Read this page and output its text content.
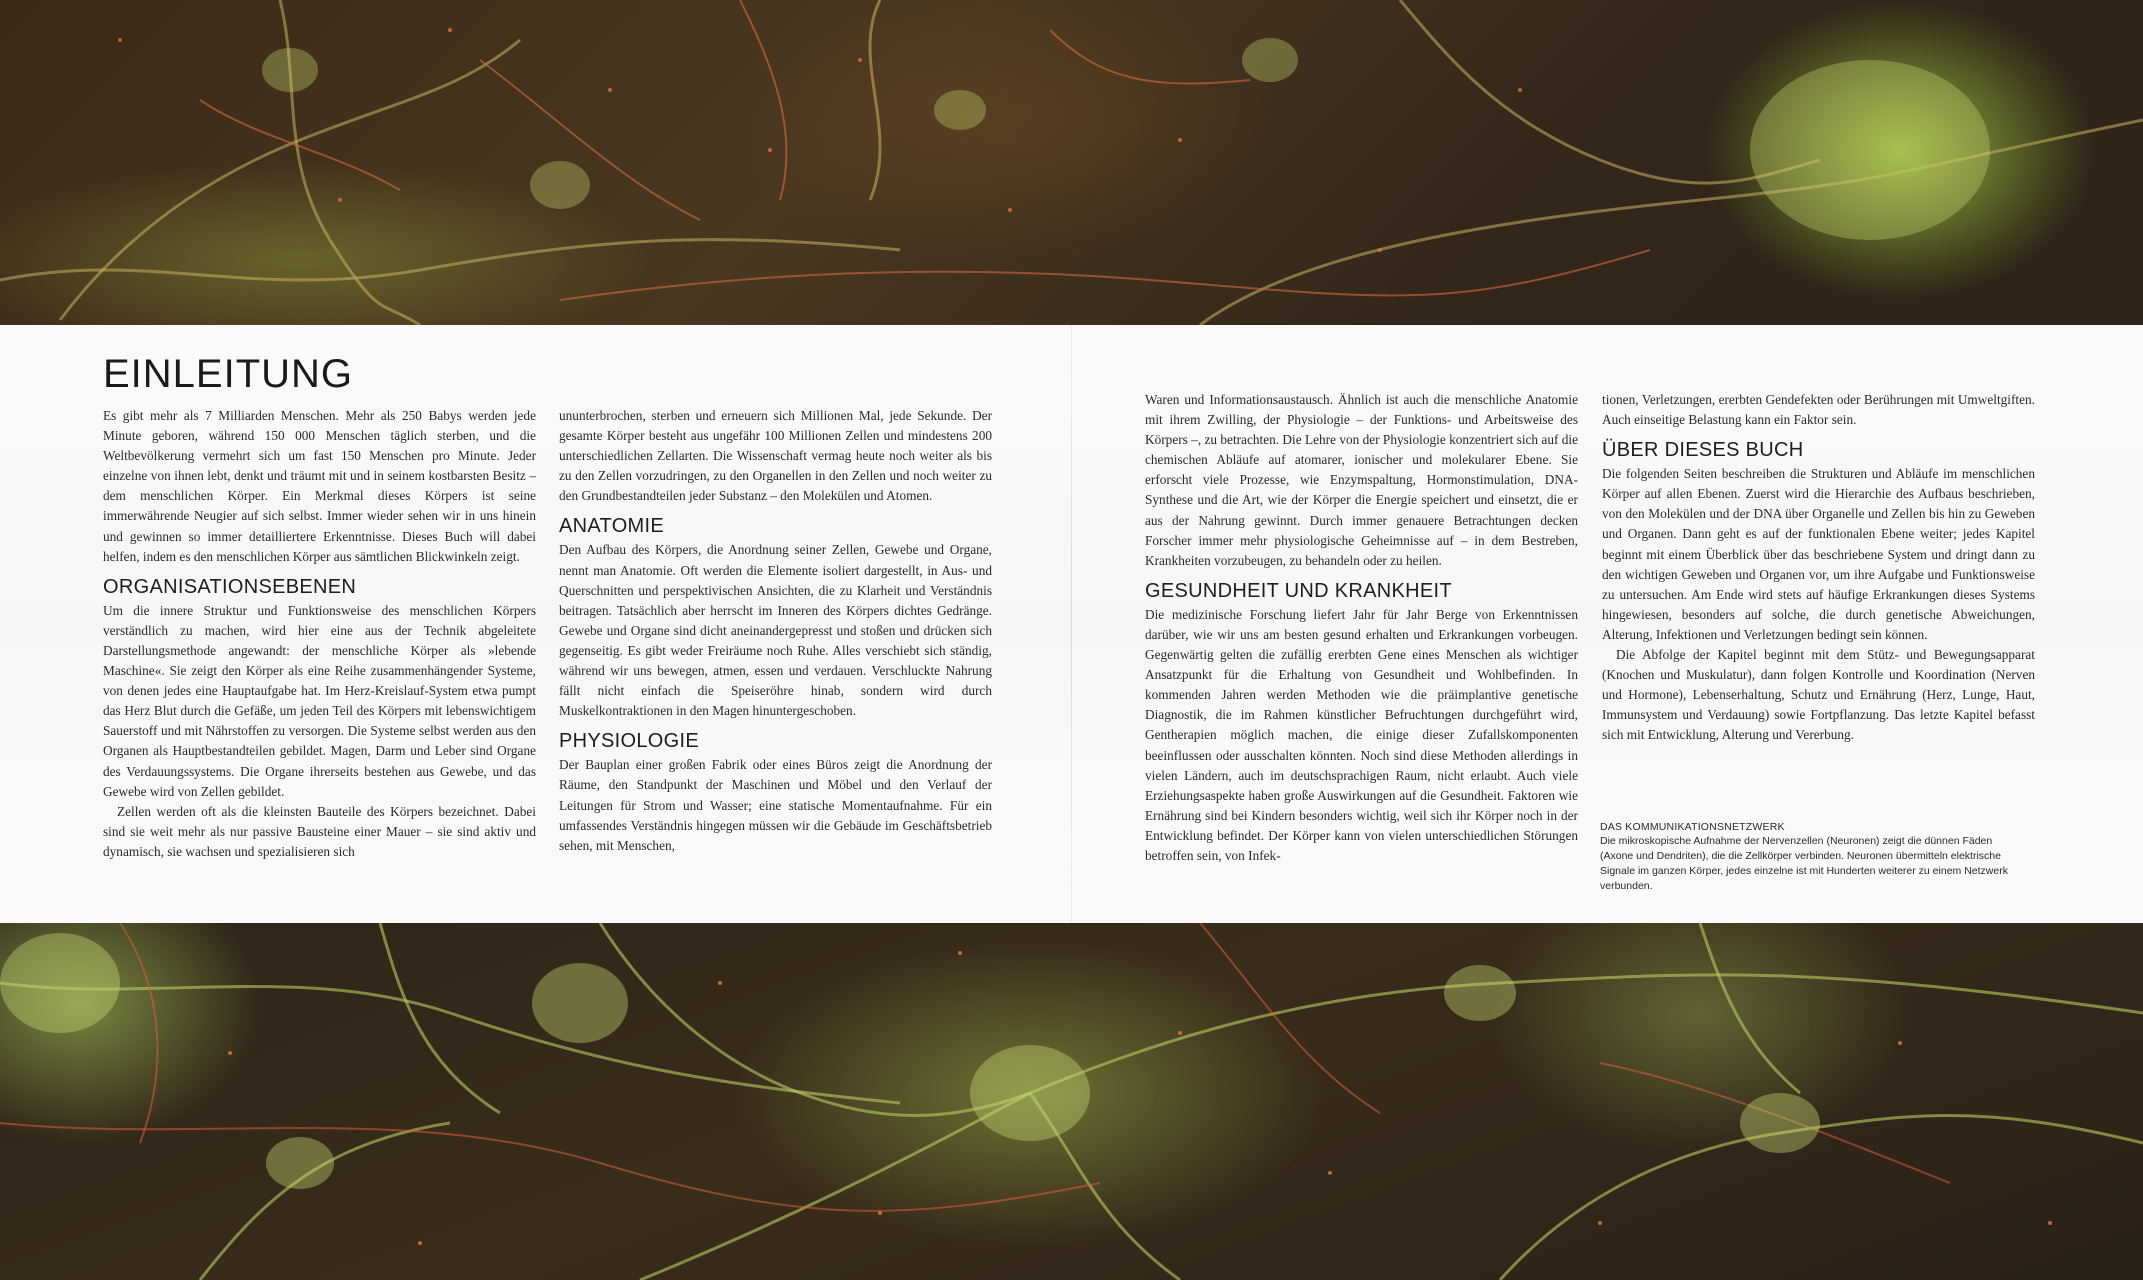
EINLEITUNG

Es gibt mehr als 7 Milliarden Menschen. Mehr als 250 Babys werden jede Minute geboren, während 150 000 Menschen täglich sterben, und die Weltbevölkerung vermehrt sich um fast 150 Menschen pro Minute. Jeder einzelne von ihnen lebt, denkt und träumt mit und in seinem kostbarsten Besitz – dem menschlichen Körper. Ein Merkmal dieses Körpers ist seine immerwährende Neugier auf sich selbst. Immer wieder sehen wir in uns hinein und gewinnen so immer detailliertere Erkenntnisse. Dieses Buch will dabei helfen, indem es den menschlichen Körper aus sämtlichen Blickwinkeln zeigt.

ORGANISATIONSEBENEN

Um die innere Struktur und Funktionsweise des menschlichen Körpers verständlich zu machen, wird hier eine aus der Technik abgeleitete Darstellungsmethode angewandt: der menschliche Körper als »lebende Maschine«. Sie zeigt den Körper als eine Reihe zusammenhängender Systeme, von denen jedes eine Hauptaufgabe hat. Im Herz-Kreislauf-System etwa pumpt das Herz Blut durch die Gefäße, um jeden Teil des Körpers mit lebenswichtigem Sauerstoff und mit Nährstoffen zu versorgen. Die Systeme selbst werden aus den Organen als Hauptbestandteilen gebildet. Magen, Darm und Leber sind Organe des Verdauungssystems. Die Organe ihrerseits bestehen aus Gewebe, und das Gewebe wird von Zellen gebildet.

Zellen werden oft als die kleinsten Bauteile des Körpers bezeichnet. Dabei sind sie weit mehr als nur passive Bausteine einer Mauer – sie sind aktiv und dynamisch, sie wachsen und spezialisieren sich

ununterbrochen, sterben und erneuern sich Millionen Mal, jede Sekunde. Der gesamte Körper besteht aus ungefähr 100 Millionen Zellen und mindestens 200 unterschiedlichen Zellarten. Die Wissenschaft vermag heute noch weiter als bis zu den Zellen vorzudringen, zu den Organellen in den Zellen und noch weiter zu den Grundbestandteilen jeder Substanz – den Molekülen und Atomen.

ANATOMIE

Den Aufbau des Körpers, die Anordnung seiner Zellen, Gewebe und Organe, nennt man Anatomie. Oft werden die Elemente isoliert dargestellt, in Aus- und Querschnitten und perspektivischen Ansichten, die zu Klarheit und Verständnis beitragen. Tatsächlich aber herrscht im Inneren des Körpers dichtes Gedränge. Gewebe und Organe sind dicht aneinandergepresst und stoßen und drücken sich gegenseitig. Es gibt weder Freiräume noch Ruhe. Alles verschiebt sich ständig, während wir uns bewegen, atmen, essen und verdauen. Verschluckte Nahrung fällt nicht einfach die Speiseröhre hinab, sondern wird durch Muskelkontraktionen in den Magen hinuntergeschoben.

PHYSIOLOGIE

Der Bauplan einer großen Fabrik oder eines Büros zeigt die Anordnung der Räume, den Standpunkt der Maschinen und Möbel und den Verlauf der Leitungen für Strom und Wasser; eine statische Momentaufnahme. Für ein umfassendes Verständnis hingegen müssen wir die Gebäude im Geschäftsbetrieb sehen, mit Menschen,

Waren und Informationsaustausch. Ähnlich ist auch die menschliche Anatomie mit ihrem Zwilling, der Physiologie – der Funktions- und Arbeitsweise des Körpers –, zu betrachten. Die Lehre von der Physiologie konzentriert sich auf die chemischen Abläufe auf atomarer, ionischer und molekularer Ebene. Sie erforscht viele Prozesse, wie Enzymspaltung, Hormonstimulation, DNA-Synthese und die Art, wie der Körper die Energie speichert und einsetzt, die er aus der Nahrung gewinnt. Durch immer genauere Betrachtungen decken Forscher immer mehr physiologische Geheimnisse auf – in dem Bestreben, Krankheiten vorzubeugen, zu behandeln oder zu heilen.

GESUNDHEIT UND KRANKHEIT

Die medizinische Forschung liefert Jahr für Jahr Berge von Erkenntnissen darüber, wie wir uns am besten gesund erhalten und Erkrankungen vorbeugen. Gegenwärtig gelten die zufällig ererbten Gene eines Menschen als wichtiger Ansatzpunkt für die Erhaltung von Gesundheit und Wohlbefinden. In kommenden Jahren werden Methoden wie die präimplantive genetische Diagnostik, die im Rahmen künstlicher Befruchtungen durchgeführt wird, Gentherapien möglich machen, die einige dieser Zufallskomponenten beeinflussen oder ausschalten könnten. Noch sind diese Methoden allerdings in vielen Ländern, auch im deutschsprachigen Raum, nicht erlaubt. Auch viele Erziehungsaspekte haben große Auswirkungen auf die Gesundheit. Faktoren wie Ernährung sind bei Kindern besonders wichtig, weil sich ihr Körper noch in der Entwicklung befindet. Der Körper kann von vielen unterschiedlichen Störungen betroffen sein, von Infek-

tionen, Verletzungen, ererbten Gendefekten oder Berührungen mit Umweltgiften. Auch einseitige Belastung kann ein Faktor sein.

ÜBER DIESES BUCH

Die folgenden Seiten beschreiben die Strukturen und Abläufe im menschlichen Körper auf allen Ebenen. Zuerst wird die Hierarchie des Aufbaus beschrieben, von den Molekülen und der DNA über Organelle und Zellen bis hin zu Geweben und Organen. Dann geht es auf der funktionalen Ebene weiter; jedes Kapitel beginnt mit einem Überblick über das beschriebene System und dringt dann zu den wichtigen Geweben und Organen vor, um ihre Aufgabe und Funktionsweise zu untersuchen. Am Ende wird stets auf häufige Erkrankungen dieses Systems hingewiesen, besonders auf solche, die durch genetische Abweichungen, Alterung, Infektionen und Verletzungen bedingt sein können.

Die Abfolge der Kapitel beginnt mit dem Stütz- und Bewegungsapparat (Knochen und Muskulatur), dann folgen Kontrolle und Koordination (Nerven und Hormone), Lebenserhaltung, Schutz und Ernährung (Herz, Lunge, Haut, Immunsystem und Verdauung) sowie Fortpflanzung. Das letzte Kapitel befasst sich mit Entwicklung, Alterung und Vererbung.

DAS KOMMUNIKATIONSNETZWERK
Die mikroskopische Aufnahme der Nervenzellen (Neuronen) zeigt die dünnen Fäden (Axone und Dendriten), die die Zellkörper verbinden. Neuronen übermitteln elektrische Signale im ganzen Körper, jedes einzelne ist mit Hunderten weiterer zu einem Netzwerk verbunden.
